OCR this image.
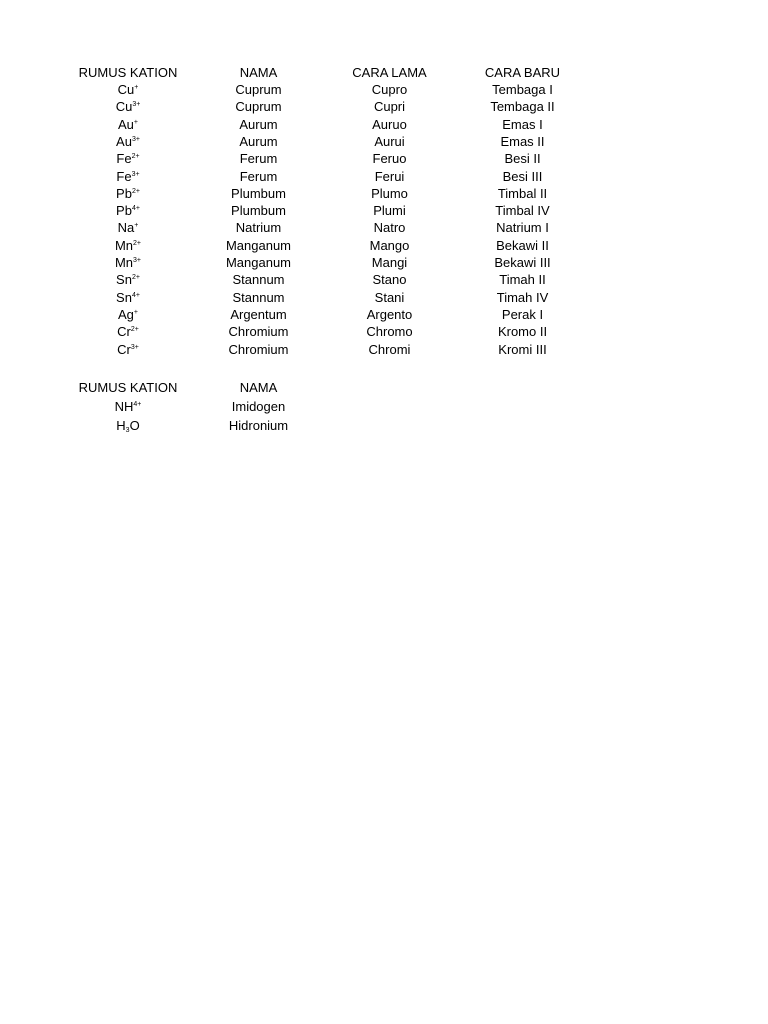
RUMUS KATION	NAMA	CARA LAMA	CARA BARU
Cu+	Cuprum	Cupro	Tembaga I
$Cu^{3+}$	Cuprum	Cupri	Tembaga II
Au+	Aurum	Auruo	Emas I
$Au^{3+}$	Aurum	Aurui	Emas II
$Fe^{2+}$	Ferum	Feruo	Besi II
$Fe^{3+}$	Ferum	Ferui	Besi III
$Pb^{2+}$	Plumbum	Plumo	Timbal II
$Pb^{4+}$	Plumbum	Plumi	Timbal IV
Na+	Natrium	Natro	Natrium I
$Mn^{2+}$	Manganum	Mango	Bekawi II
$Mn^{3+}$	Manganum	Mangi	Bekawi III
$Sn^{2+}$	Stannum	Stano	Timah II
$Sn^{4+}$	Stannum	Stani	Timah IV
Ag+	Argentum	Argento	Perak I
$Cr^{2+}$	Chromium	Chromo	Kromo II
$Cr^{3+}$	Chromium	Chromi	Kromi III
RUMUS KATION	NAMA
$NH^{4+}$	Imidogen
H3O	Hidronium
